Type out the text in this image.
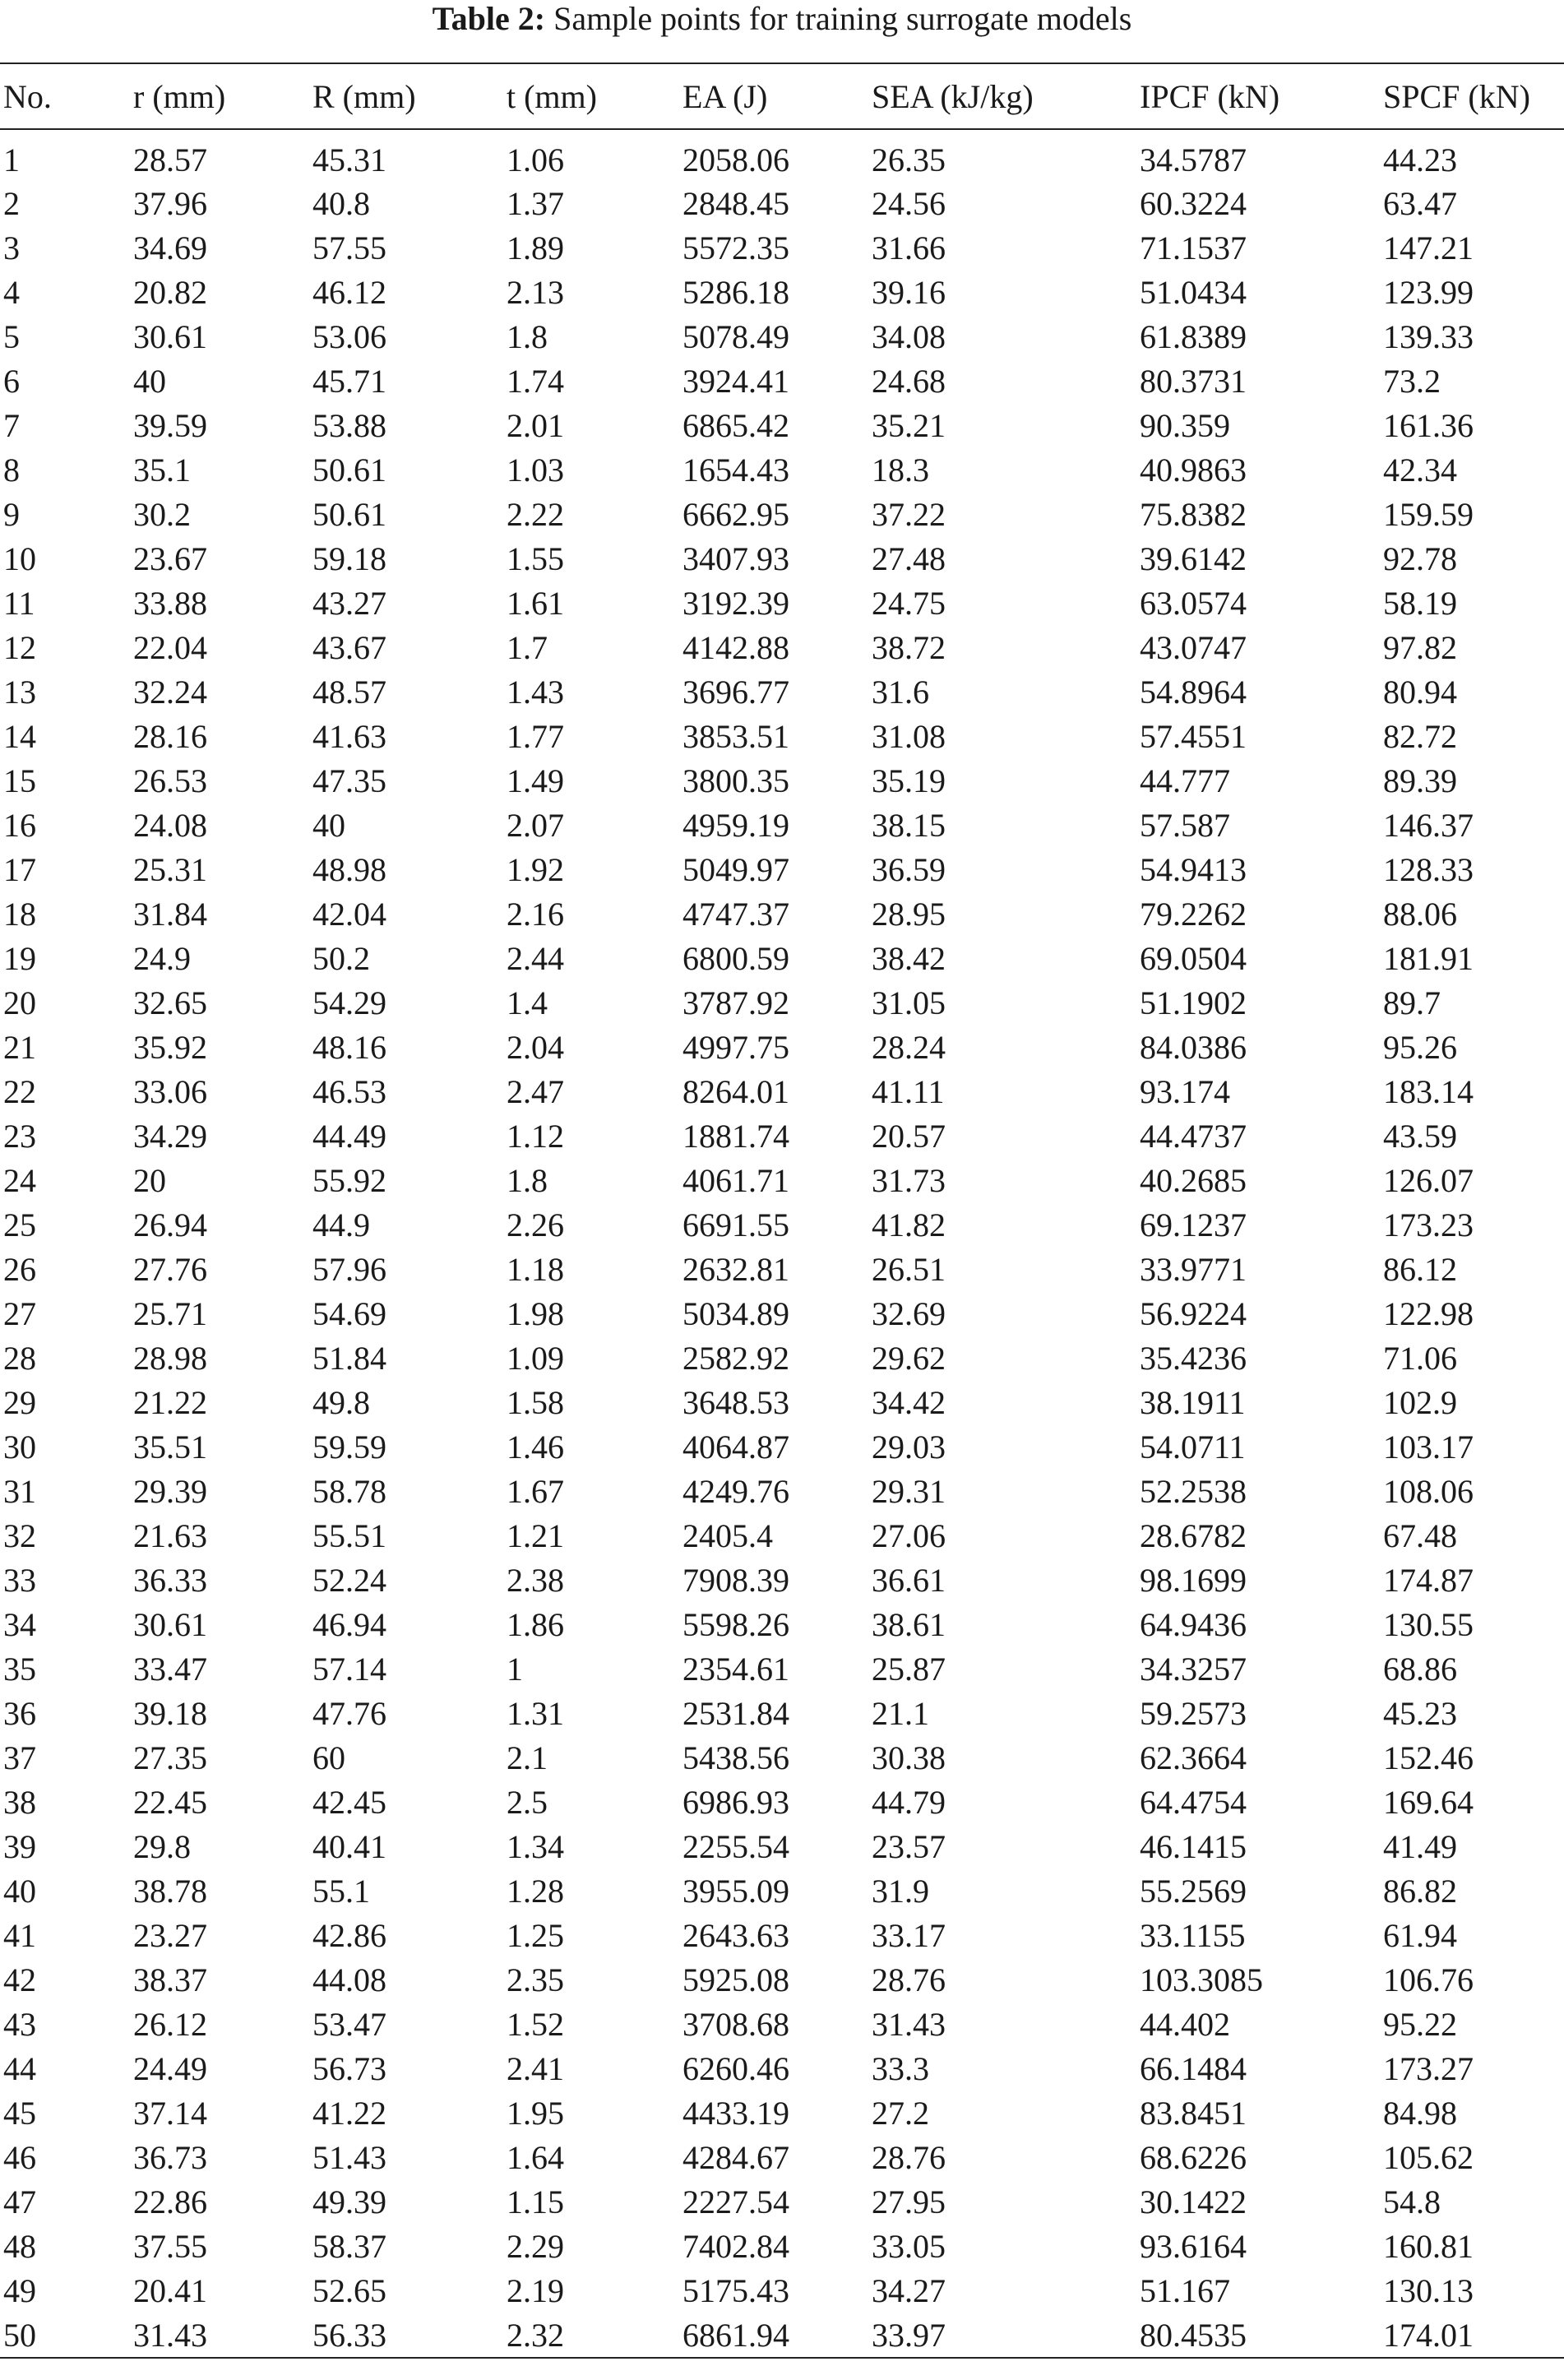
Table 2: Sample points for training surrogate models
No.	r (mm)	R (mm)	t (mm)	EA (J)	SEA (kJ/kg)	IPCF (kN)	SPCF (kN)
1	28.57	45.31	1.06	2058.06	26.35	34.5787	44.23
2	37.96	40.8	1.37	2848.45	24.56	60.3224	63.47
3	34.69	57.55	1.89	5572.35	31.66	71.1537	147.21
4	20.82	46.12	2.13	5286.18	39.16	51.0434	123.99
5	30.61	53.06	1.8	5078.49	34.08	61.8389	139.33
6	40	45.71	1.74	3924.41	24.68	80.3731	73.2
7	39.59	53.88	2.01	6865.42	35.21	90.359	161.36
8	35.1	50.61	1.03	1654.43	18.3	40.9863	42.34
9	30.2	50.61	2.22	6662.95	37.22	75.8382	159.59
10	23.67	59.18	1.55	3407.93	27.48	39.6142	92.78
11	33.88	43.27	1.61	3192.39	24.75	63.0574	58.19
12	22.04	43.67	1.7	4142.88	38.72	43.0747	97.82
13	32.24	48.57	1.43	3696.77	31.6	54.8964	80.94
14	28.16	41.63	1.77	3853.51	31.08	57.4551	82.72
15	26.53	47.35	1.49	3800.35	35.19	44.777	89.39
16	24.08	40	2.07	4959.19	38.15	57.587	146.37
17	25.31	48.98	1.92	5049.97	36.59	54.9413	128.33
18	31.84	42.04	2.16	4747.37	28.95	79.2262	88.06
19	24.9	50.2	2.44	6800.59	38.42	69.0504	181.91
20	32.65	54.29	1.4	3787.92	31.05	51.1902	89.7
21	35.92	48.16	2.04	4997.75	28.24	84.0386	95.26
22	33.06	46.53	2.47	8264.01	41.11	93.174	183.14
23	34.29	44.49	1.12	1881.74	20.57	44.4737	43.59
24	20	55.92	1.8	4061.71	31.73	40.2685	126.07
25	26.94	44.9	2.26	6691.55	41.82	69.1237	173.23
26	27.76	57.96	1.18	2632.81	26.51	33.9771	86.12
27	25.71	54.69	1.98	5034.89	32.69	56.9224	122.98
28	28.98	51.84	1.09	2582.92	29.62	35.4236	71.06
29	21.22	49.8	1.58	3648.53	34.42	38.1911	102.9
30	35.51	59.59	1.46	4064.87	29.03	54.0711	103.17
31	29.39	58.78	1.67	4249.76	29.31	52.2538	108.06
32	21.63	55.51	1.21	2405.4	27.06	28.6782	67.48
33	36.33	52.24	2.38	7908.39	36.61	98.1699	174.87
34	30.61	46.94	1.86	5598.26	38.61	64.9436	130.55
35	33.47	57.14	1	2354.61	25.87	34.3257	68.86
36	39.18	47.76	1.31	2531.84	21.1	59.2573	45.23
37	27.35	60	2.1	5438.56	30.38	62.3664	152.46
38	22.45	42.45	2.5	6986.93	44.79	64.4754	169.64
39	29.8	40.41	1.34	2255.54	23.57	46.1415	41.49
40	38.78	55.1	1.28	3955.09	31.9	55.2569	86.82
41	23.27	42.86	1.25	2643.63	33.17	33.1155	61.94
42	38.37	44.08	2.35	5925.08	28.76	103.3085	106.76
43	26.12	53.47	1.52	3708.68	31.43	44.402	95.22
44	24.49	56.73	2.41	6260.46	33.3	66.1484	173.27
45	37.14	41.22	1.95	4433.19	27.2	83.8451	84.98
46	36.73	51.43	1.64	4284.67	28.76	68.6226	105.62
47	22.86	49.39	1.15	2227.54	27.95	30.1422	54.8
48	37.55	58.37	2.29	7402.84	33.05	93.6164	160.81
49	20.41	52.65	2.19	5175.43	34.27	51.167	130.13
50	31.43	56.33	2.32	6861.94	33.97	80.4535	174.01
